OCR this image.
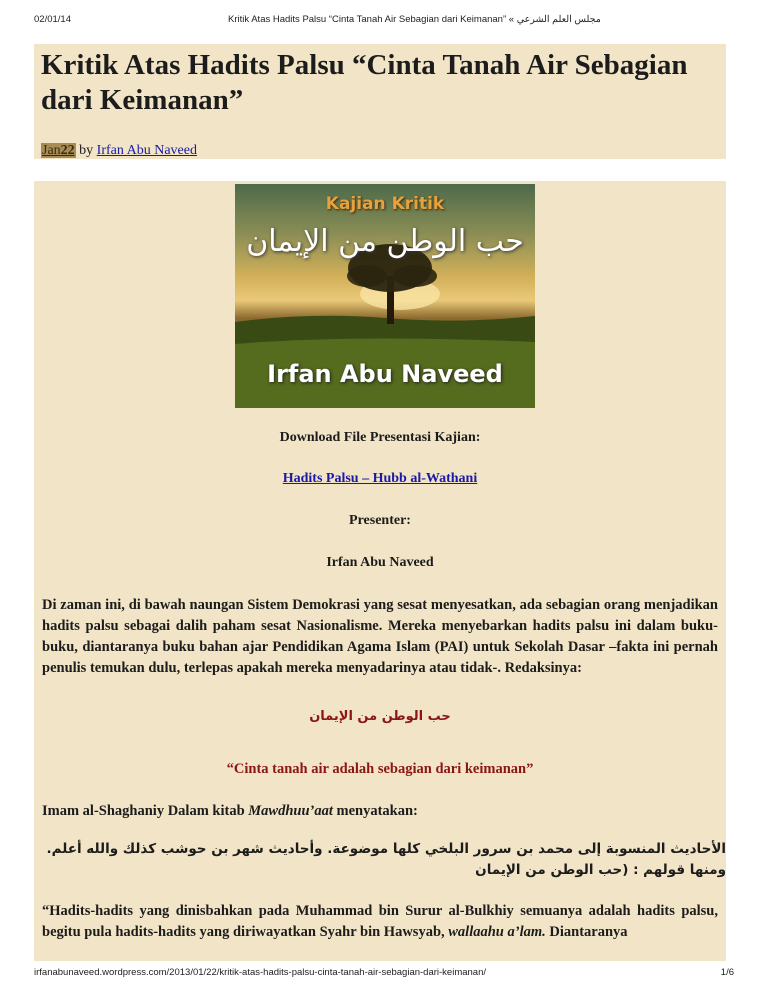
02/01/14	Kritik Atas Hadits Palsu “Cinta Tanah Air Sebagian dari Keimanan” « مجلس العلم الشرعي
Kritik Atas Hadits Palsu “Cinta Tanah Air Sebagian dari Keimanan”
Jan22 by Irfan Abu Naveed
Kajian Kritik
حب الوطن من الإيمان
Irfan Abu Naveed
Download File Presentasi Kajian:
Hadits Palsu – Hubb al-Wathani
Presenter:
Irfan Abu Naveed
Di zaman ini, di bawah naungan Sistem Demokrasi yang sesat menyesatkan, ada sebagian orang menjadikan hadits palsu sebagai dalih paham sesat Nasionalisme. Mereka menyebarkan hadits palsu ini dalam buku-buku, diantaranya buku bahan ajar Pendidikan Agama Islam (PAI) untuk Sekolah Dasar –fakta ini pernah penulis temukan dulu, terlepas apakah mereka menyadarinya atau tidak-. Redaksinya:
حب الوطن من الإيمان
“Cinta tanah air adalah sebagian dari keimanan”
Imam al-Shaghaniy Dalam kitab Mawdhuu’aat menyatakan:
الأحاديث المنسوبة إلى محمد بن سرور البلخي كلها موضوعة. وأحاديث شهر بن حوشب كذلك والله أعلم. ومنها قولهم : (حب الوطن من الإيمان
“Hadits-hadits yang dinisbahkan pada Muhammad bin Surur al-Bulkhiy semuanya adalah hadits palsu, begitu pula hadits-hadits yang diriwayatkan Syahr bin Hawsyab, wallaahu a’lam. Diantaranya
irfanabunaveed.wordpress.com/2013/01/22/kritik-atas-hadits-palsu-cinta-tanah-air-sebagian-dari-keimanan/	1/6
